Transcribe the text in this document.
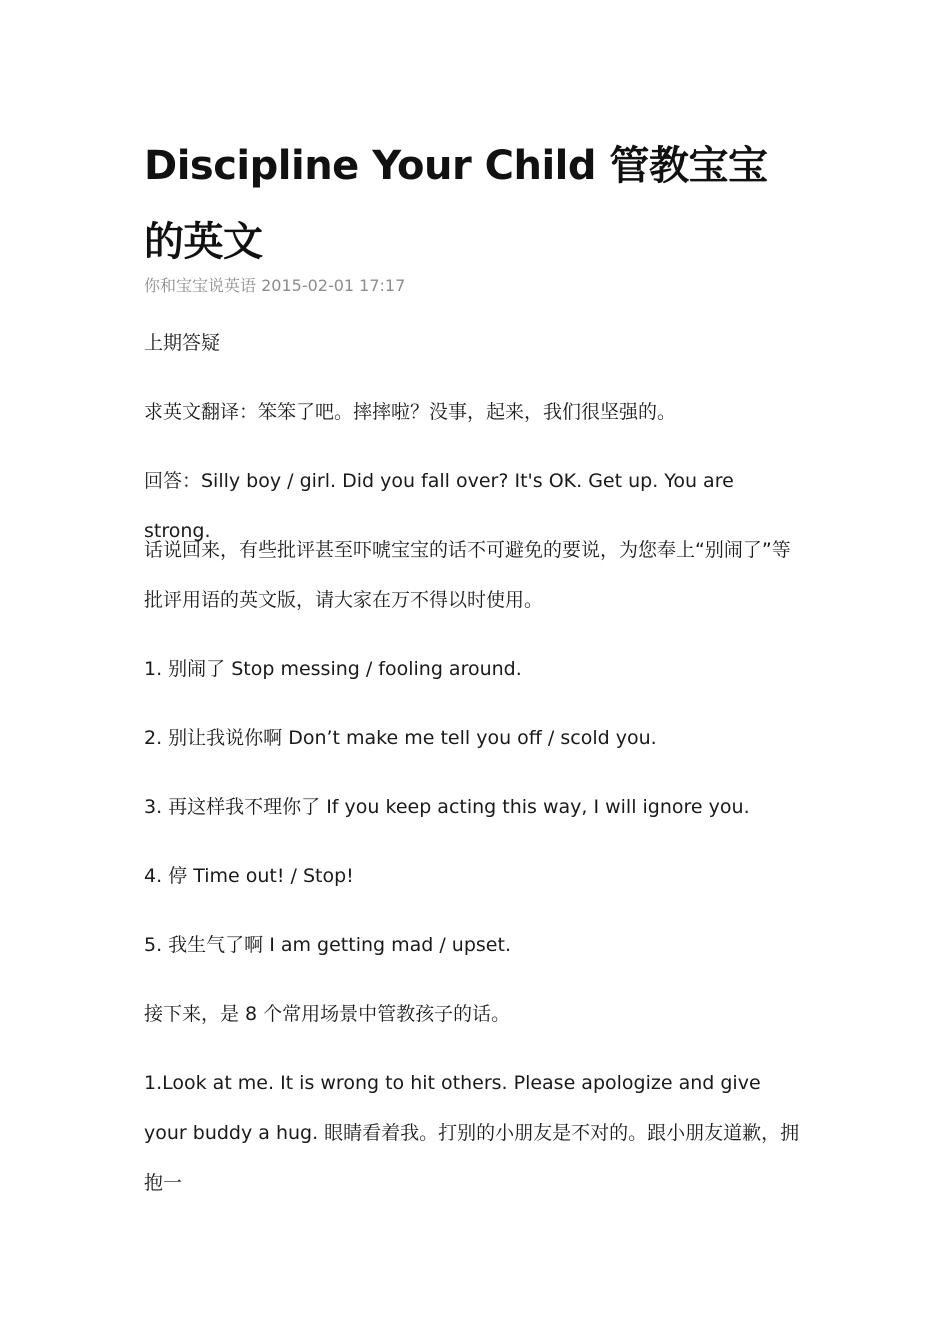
Discipline Your Child 管教宝宝的英文
你和宝宝说英语 2015-02-01 17:17

上期答疑

求英文翻译：笨笨了吧。摔摔啦？没事，起来，我们很坚强的。

回答：Silly boy / girl. Did you fall over? It's OK. Get up. You are strong.

话说回来，有些批评甚至吓唬宝宝的话不可避免的要说，为您奉上“别闹了”等批评用语的英文版，请大家在万不得以时使用。

1. 别闹了 Stop messing / fooling around.

2. 别让我说你啊 Don’t make me tell you off / scold you.

3. 再这样我不理你了 If you keep acting this way, I will ignore you.

4. 停 Time out! / Stop!

5. 我生气了啊 I am getting mad / upset.

接下来，是 8 个常用场景中管教孩子的话。

1.Look at me. It is wrong to hit others. Please apologize and give your buddy a hug. 眼睛看着我。打别的小朋友是不对的。跟小朋友道歉，拥抱一
